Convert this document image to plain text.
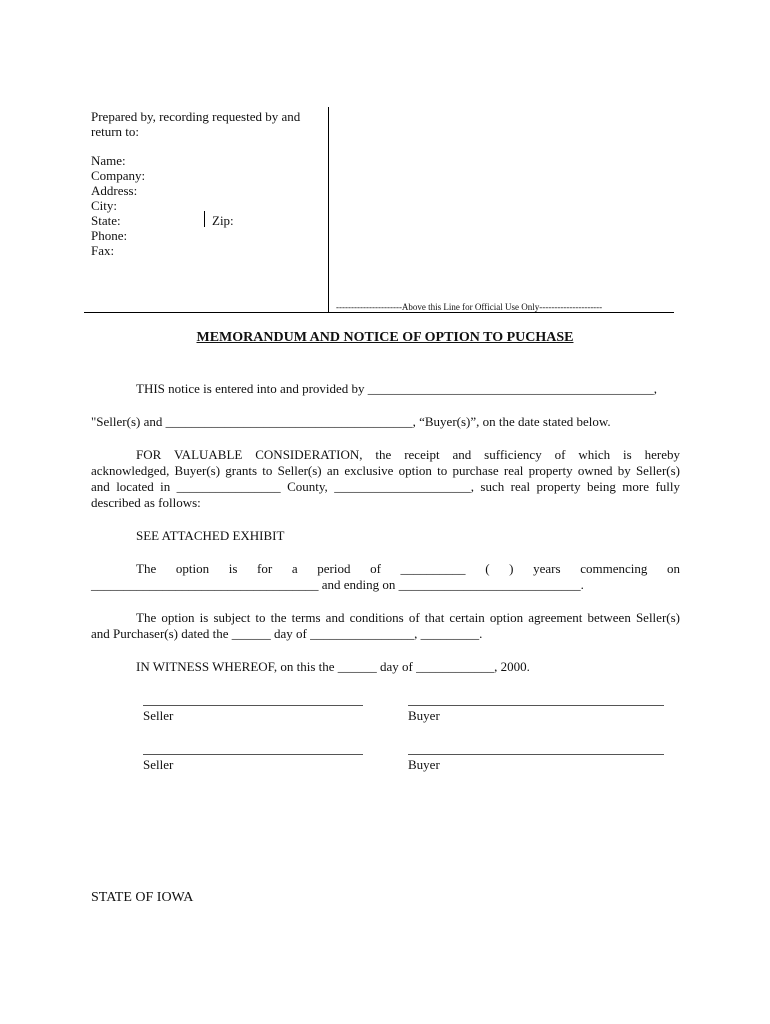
Prepared by, recording requested by and
return to:
Name:
Company:
Address:
City:
State:	Zip:
Phone:
Fax:
----------------------Above this Line for Official Use Only---------------------
MEMORANDUM AND NOTICE OF OPTION TO PUCHASE
THIS notice is entered into and provided by ____________________________________________,
"Seller(s) and ______________________________________, “Buyer(s)”, on the date stated below.
FOR VALUABLE CONSIDERATION, the receipt and sufficiency of which is hereby
acknowledged, Buyer(s) grants to Seller(s) an exclusive option to purchase real property owned by Seller(s)
and located in ________________ County, _____________________, such real property being more fully
described as follows:
SEE ATTACHED EXHIBIT
The option is for a period of __________ ( ) years commencing on
___________________________________ and ending on ____________________________.
The option is subject to the terms and conditions of that certain option agreement between Seller(s)
and Purchaser(s) dated the ______ day of ________________, _________.
IN WITNESS WHEREOF, on this the ______ day of ____________, 2000.
Seller	Buyer
Seller	Buyer
STATE OF IOWA
